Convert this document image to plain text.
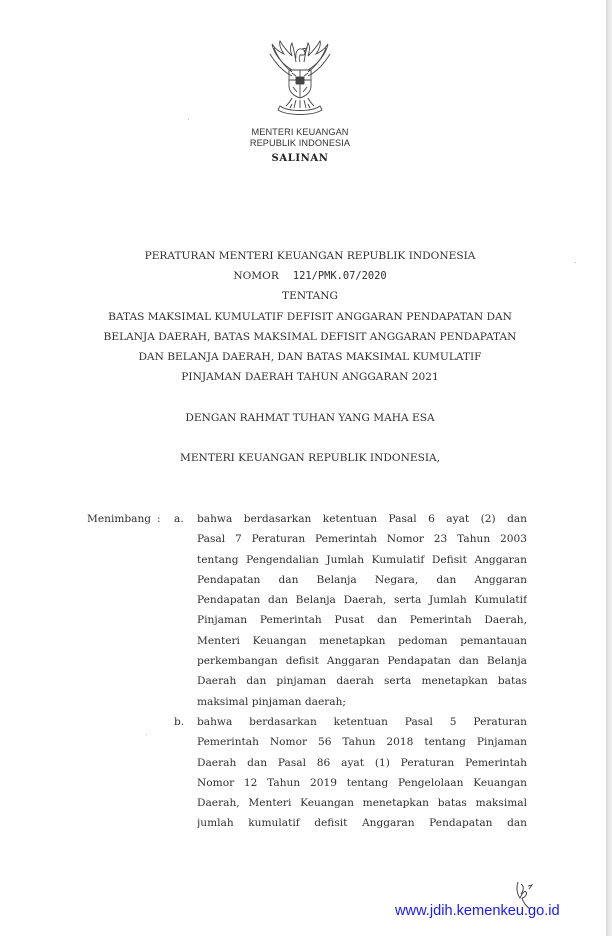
MENTERI KEUANGAN
REPUBLIK INDONESIA
SALINAN
PERATURAN MENTERI KEUANGAN REPUBLIK INDONESIA
NOMOR 121/PMK.07/2020
TENTANG
BATAS MAKSIMAL KUMULATIF DEFISIT ANGGARAN PENDAPATAN DAN
BELANJA DAERAH, BATAS MAKSIMAL DEFISIT ANGGARAN PENDAPATAN
DAN BELANJA DAERAH, DAN BATAS MAKSIMAL KUMULATIF
PINJAMAN DAERAH TAHUN ANGGARAN 2021
DENGAN RAHMAT TUHAN YANG MAHA ESA
MENTERI KEUANGAN REPUBLIK INDONESIA,
Menimbang : a. bahwa berdasarkan ketentuan Pasal 6 ayat (2) dan
Pasal 7 Peraturan Pemerintah Nomor 23 Tahun 2003
tentang Pengendalian Jumlah Kumulatif Defisit Anggaran
Pendapatan dan Belanja Negara, dan Anggaran
Pendapatan dan Belanja Daerah, serta Jumlah Kumulatif
Pinjaman Pemerintah Pusat dan Pemerintah Daerah,
Menteri Keuangan menetapkan pedoman pemantauan
perkembangan defisit Anggaran Pendapatan dan Belanja
Daerah dan pinjaman daerah serta menetapkan batas
maksimal pinjaman daerah;
b. bahwa berdasarkan ketentuan Pasal 5 Peraturan
Pemerintah Nomor 56 Tahun 2018 tentang Pinjaman
Daerah dan Pasal 86 ayat (1) Peraturan Pemerintah
Nomor 12 Tahun 2019 tentang Pengelolaan Keuangan
Daerah, Menteri Keuangan menetapkan batas maksimal
jumlah kumulatif defisit Anggaran Pendapatan dan
www.jdih.kemenkeu.go.id
